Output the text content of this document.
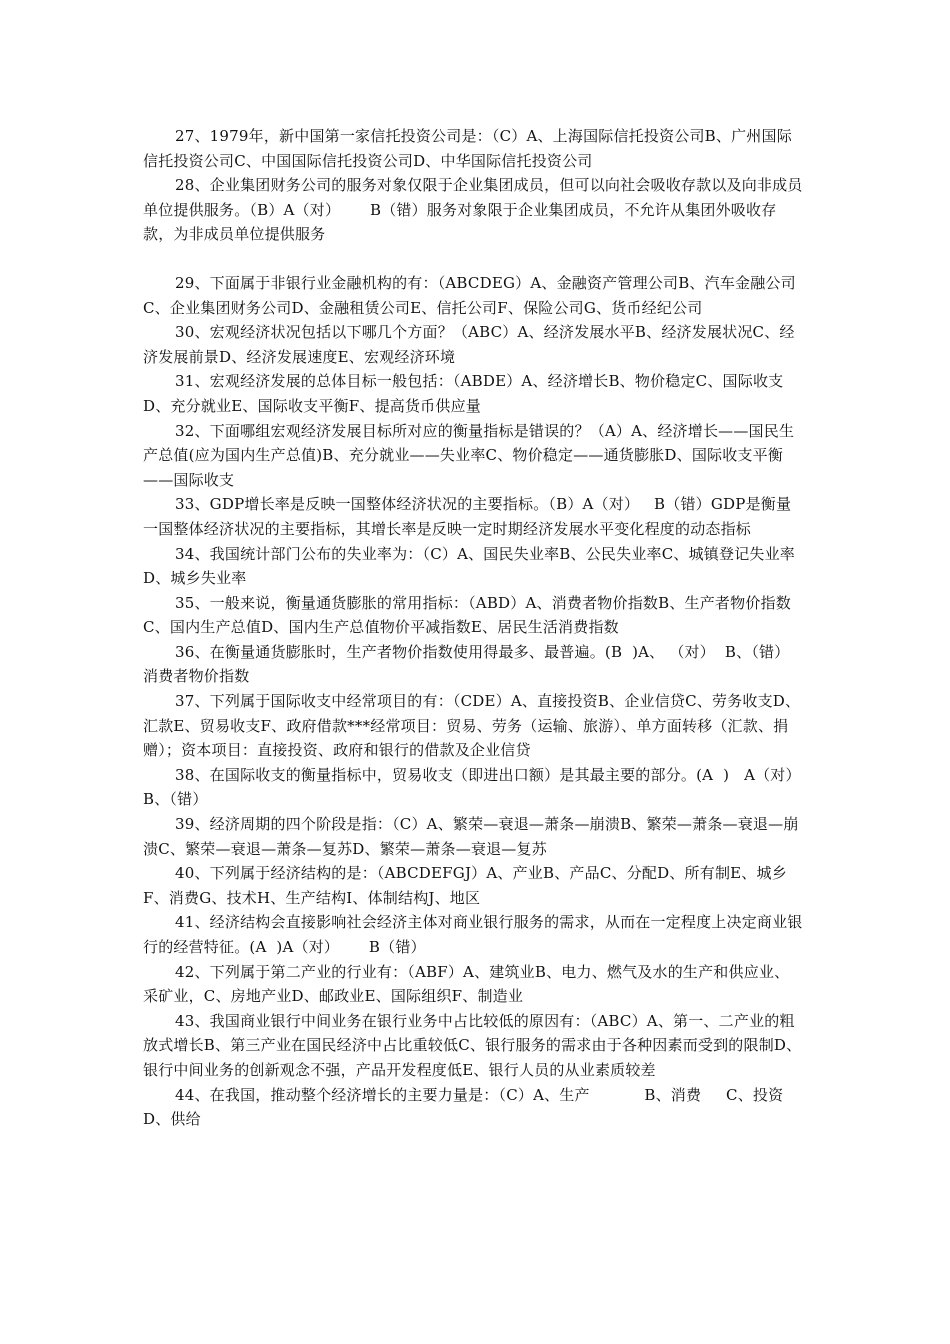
27、1979年，新中国第一家信托投资公司是：（C）A、上海国际信托投资公司B、广州国际信托投资公司C、中国国际信托投资公司D、中华国际信托投资公司

28、企业集团财务公司的服务对象仅限于企业集团成员，但可以向社会吸收存款以及向非成员单位提供服务。（B）A（对）      B（错）服务对象限于企业集团成员，不允许从集团外吸收存款，为非成员单位提供服务

29、下面属于非银行业金融机构的有：（ABCDEG）A、金融资产管理公司B、汽车金融公司C、企业集团财务公司D、金融租赁公司E、信托公司F、保险公司G、货币经纪公司

30、宏观经济状况包括以下哪几个方面？（ABC）A、经济发展水平B、经济发展状况C、经济发展前景D、经济发展速度E、宏观经济环境

31、宏观经济发展的总体目标一般包括：（ABDE）A、经济增长B、物价稳定C、国际收支D、充分就业E、国际收支平衡F、提高货币供应量

32、下面哪组宏观经济发展目标所对应的衡量指标是错误的？（A）A、经济增长——国民生产总值(应为国内生产总值)B、充分就业——失业率C、物价稳定——通货膨胀D、国际收支平衡——国际收支

33、GDP增长率是反映一国整体经济状况的主要指标。（B）A（对）   B（错）GDP是衡量一国整体经济状况的主要指标，其增长率是反映一定时期经济发展水平变化程度的动态指标

34、我国统计部门公布的失业率为：（C）A、国民失业率B、公民失业率C、城镇登记失业率D、城乡失业率

35、一般来说，衡量通货膨胀的常用指标：（ABD）A、消费者物价指数B、生产者物价指数C、国内生产总值D、国内生产总值物价平减指数E、居民生活消费指数

36、在衡量通货膨胀时，生产者物价指数使用得最多、最普遍。(B  )A、 （对）  B、（错）消费者物价指数

37、下列属于国际收支中经常项目的有：（CDE）A、直接投资B、企业信贷C、劳务收支D、汇款E、贸易收支F、政府借款***经常项目：贸易、劳务（运输、旅游）、单方面转移（汇款、捐赠）；资本项目：直接投资、政府和银行的借款及企业信贷

38、在国际收支的衡量指标中，贸易收支（即进出口额）是其最主要的部分。(A  )   A（对）   B、（错）

39、经济周期的四个阶段是指：（C）A、繁荣—衰退—萧条—崩溃B、繁荣—萧条—衰退—崩溃C、繁荣—衰退—萧条—复苏D、繁荣—萧条—衰退—复苏

40、下列属于经济结构的是：（ABCDEFGJ）A、产业B、产品C、分配D、所有制E、城乡F、消费G、技术H、生产结构I、体制结构J、地区

41、经济结构会直接影响社会经济主体对商业银行服务的需求，从而在一定程度上决定商业银行的经营特征。(A  )A（对）      B（错）

42、下列属于第二产业的行业有：（ABF）A、建筑业B、电力、燃气及水的生产和供应业、采矿业，C、房地产业D、邮政业E、国际组织F、制造业

43、我国商业银行中间业务在银行业务中占比较低的原因有：（ABC）A、第一、二产业的粗放式增长B、第三产业在国民经济中占比重较低C、银行服务的需求由于各种因素而受到的限制D、银行中间业务的创新观念不强，产品开发程度低E、银行人员的从业素质较差

44、在我国，推动整个经济增长的主要力量是：（C）A、生产           B、消费     C、投资           D、供给
